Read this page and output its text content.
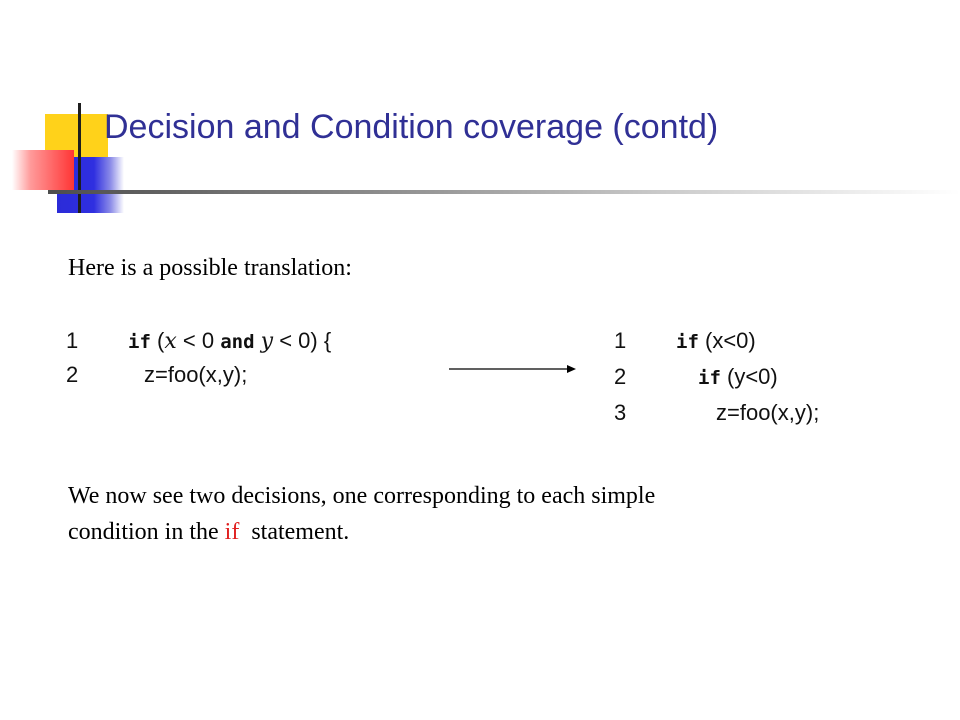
Decision and Condition coverage (contd)

Here is a possible translation:

1	if (x < 0 and y < 0) {
2	z=foo(x,y);
1	if (x<0)
2	if (y<0)
3	z=foo(x,y);

We now see two decisions, one corresponding to each simple
condition in the if  statement.
